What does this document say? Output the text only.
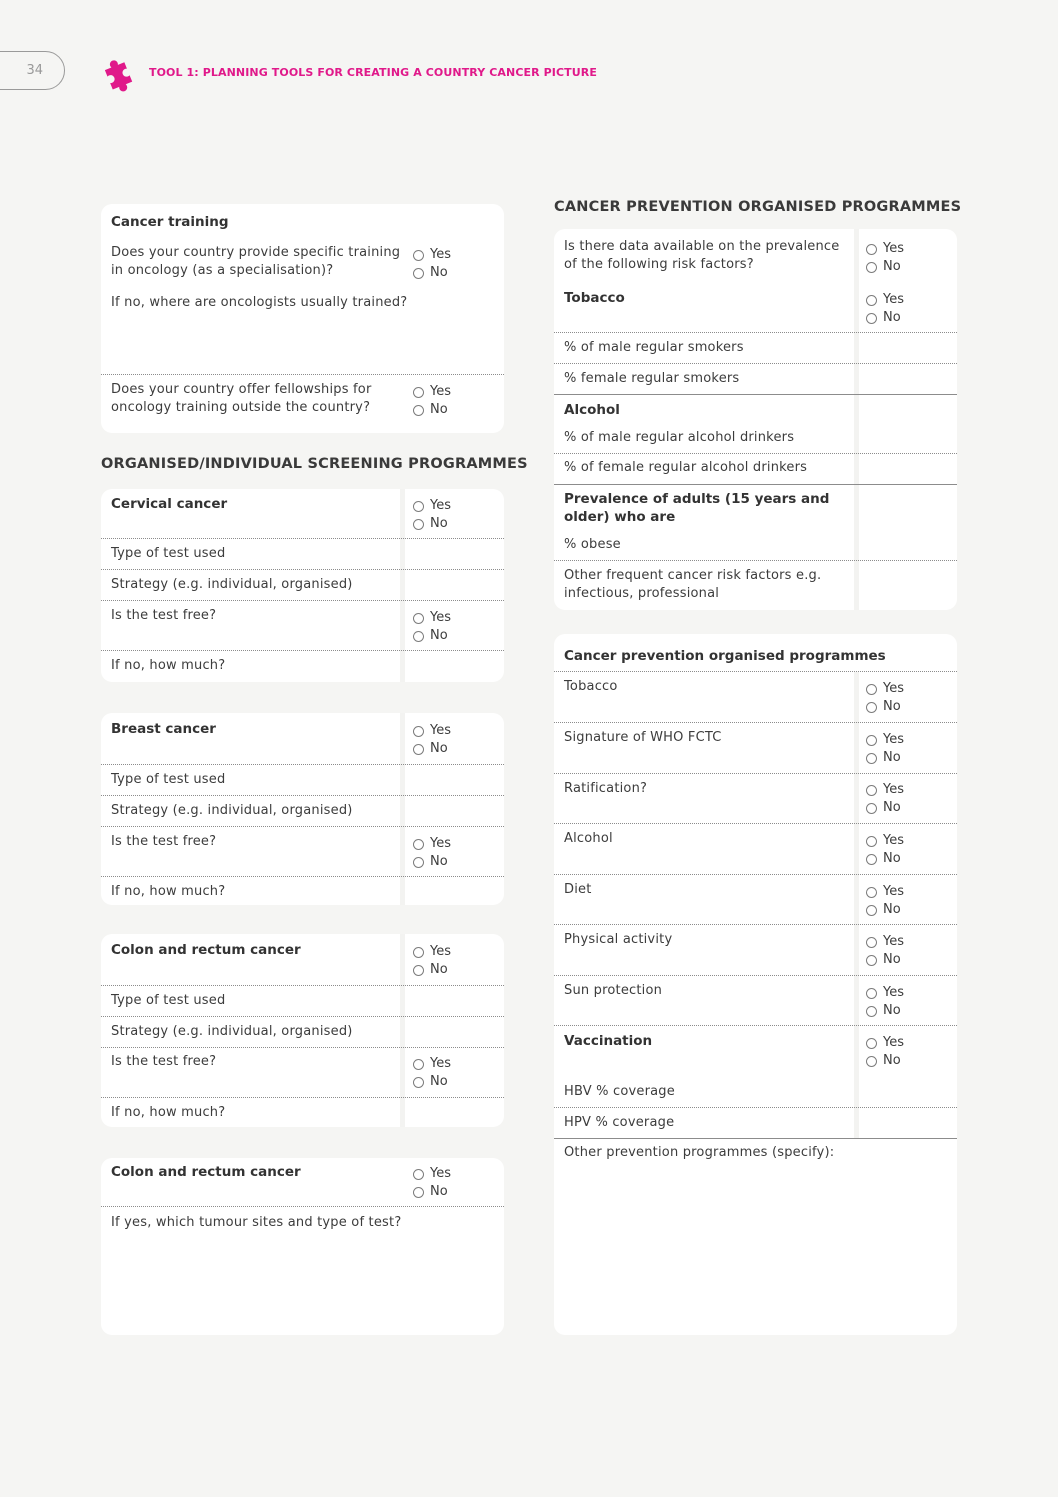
34	TOOL 1: PLANNING TOOLS FOR CREATING A COUNTRY CANCER PICTURE
Cancer training
Does your country provide specific training in oncology (as a specialisation)?
Yes
No
If no, where are oncologists usually trained?
Does your country offer fellowships for oncology training outside the country?
Yes
No
ORGANISED/INDIVIDUAL SCREENING PROGRAMMES
Cervical cancer	Yes
No
Type of test used
Strategy (e.g. individual, organised)
Is the test free?	Yes
No
If no, how much?
Breast cancer	Yes
No
Type of test used
Strategy (e.g. individual, organised)
Is the test free?	Yes
No
If no, how much?
Colon and rectum cancer	Yes
No
Type of test used
Strategy (e.g. individual, organised)
Is the test free?	Yes
No
If no, how much?
Colon and rectum cancer	Yes
No
If yes, which tumour sites and type of test?
CANCER PREVENTION ORGANISED PROGRAMMES
Is there data available on the prevalence of the following risk factors?
Yes
No
Tobacco	Yes
No
% of male regular smokers
% female regular smokers
Alcohol
% of male regular alcohol drinkers
% of female regular alcohol drinkers
Prevalence of adults (15 years and older) who are
% obese
Other frequent cancer risk factors e.g. infectious, professional
Cancer prevention organised programmes
Tobacco	Yes
No
Signature of WHO FCTC	Yes
No
Ratification?	Yes
No
Alcohol	Yes
No
Diet	Yes
No
Physical activity	Yes
No
Sun protection	Yes
No
Vaccination	Yes
No
HBV % coverage
HPV % coverage
Other prevention programmes (specify):
